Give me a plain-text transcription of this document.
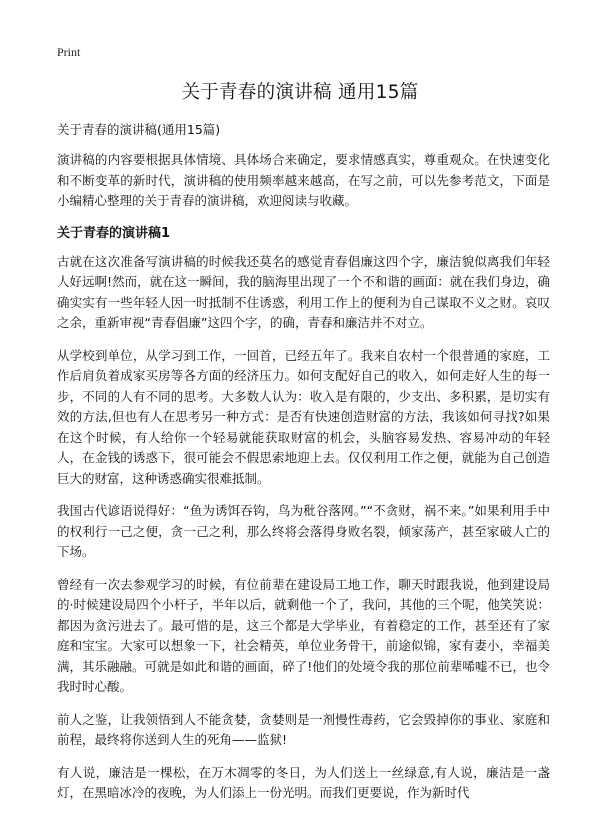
Print
关于青春的演讲稿 通用15篇

关于青春的演讲稿(通用15篇)

演讲稿的内容要根据具体情境、具体场合来确定，要求情感真实，尊重观众。在快速变化和不断变革的新时代，演讲稿的使用频率越来越高，在写之前，可以先参考范文，下面是小编精心整理的关于青春的演讲稿，欢迎阅读与收藏。

关于青春的演讲稿1

古就在这次准备写演讲稿的时候我还莫名的感觉青春倡廉这四个字，廉洁貌似离我们年轻人好远啊!然而，就在这一瞬间，我的脑海里出现了一个不和谐的画面：就在我们身边，确确实实有一些年轻人因一时抵制不住诱惑，利用工作上的便利为自己谋取不义之财。哀叹之余，重新审视“青春倡廉”这四个字，的确，青春和廉洁并不对立。

从学校到单位，从学习到工作，一回首，已经五年了。我来自农村一个很普通的家庭，工作后肩负着成家买房等各方面的经济压力。如何支配好自己的收入，如何走好人生的每一步，不同的人有不同的思考。大多数人认为：收入是有限的，少支出、多积累，是切实有效的方法,但也有人在思考另一种方式：是否有快速创造财富的方法，我该如何寻找?如果在这个时候，有人给你一个轻易就能获取财富的机会，头脑容易发热、容易冲动的年轻人，在金钱的诱惑下，很可能会不假思索地迎上去。仅仅利用工作之便，就能为自己创造巨大的财富，这种诱惑确实很难抵制。

我国古代谚语说得好：“鱼为诱饵吞钩，鸟为秕谷落网。”“不贪财，祸不来。”如果利用手中的权利行一己之便，贪一己之利，那么终将会落得身败名裂，倾家荡产，甚至家破人亡的下场。

曾经有一次去参观学习的时候，有位前辈在建设局工地工作，聊天时跟我说，他到建设局的·时候建设局四个小杆子，半年以后，就剩他一个了，我问，其他的三个呢，他笑笑说：都因为贪污进去了。最可惜的是，这三个都是大学毕业，有着稳定的工作，甚至还有了家庭和宝宝。大家可以想象一下，社会精英，单位业务骨干，前途似锦，家有妻小，幸福美满，其乐融融。可就是如此和谐的画面，碎了!他们的处境令我的那位前辈唏嘘不已，也令我时时心酸。

前人之鉴，让我领悟到人不能贪婪，贪婪则是一剂慢性毒药，它会毁掉你的事业、家庭和前程，最终将你送到人生的死角——监狱!

有人说，廉洁是一棵松，在万木凋零的冬日，为人们送上一丝绿意,有人说，廉洁是一盏灯，在黑暗冰冷的夜晚，为人们添上一份光明。而我们更要说，作为新时代
